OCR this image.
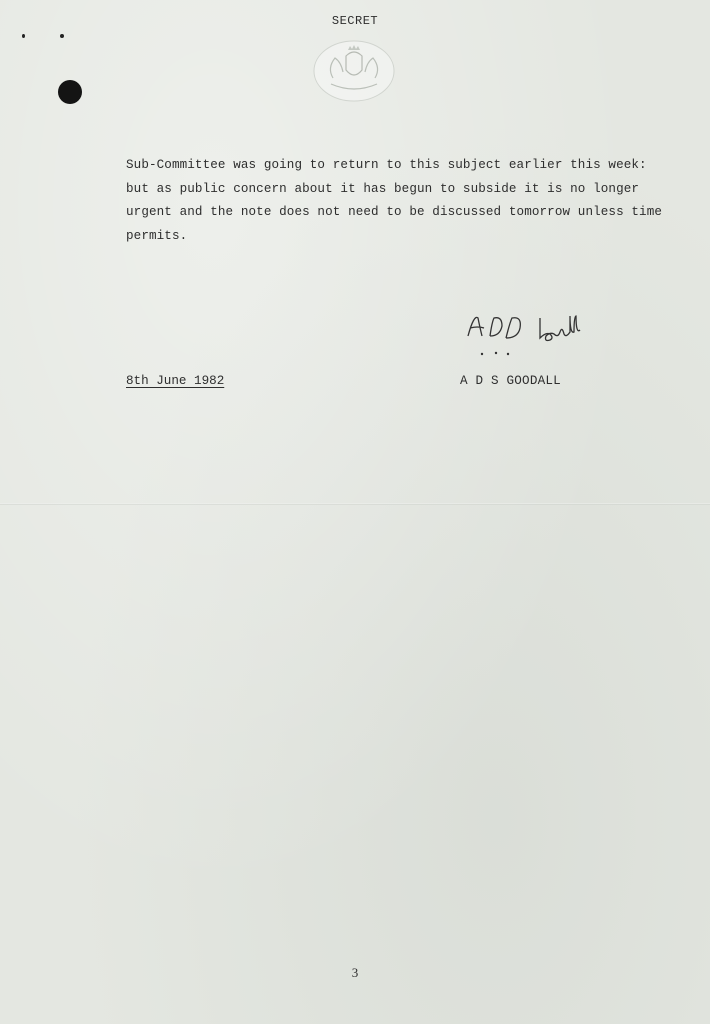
SECRET
Sub-Committee was going to return to this subject earlier this week:
but as public concern about it has begun to subside it is no longer
urgent and the note does not need to be discussed tomorrow unless time
permits.
8th June 1982	A D S GOODALL
3
